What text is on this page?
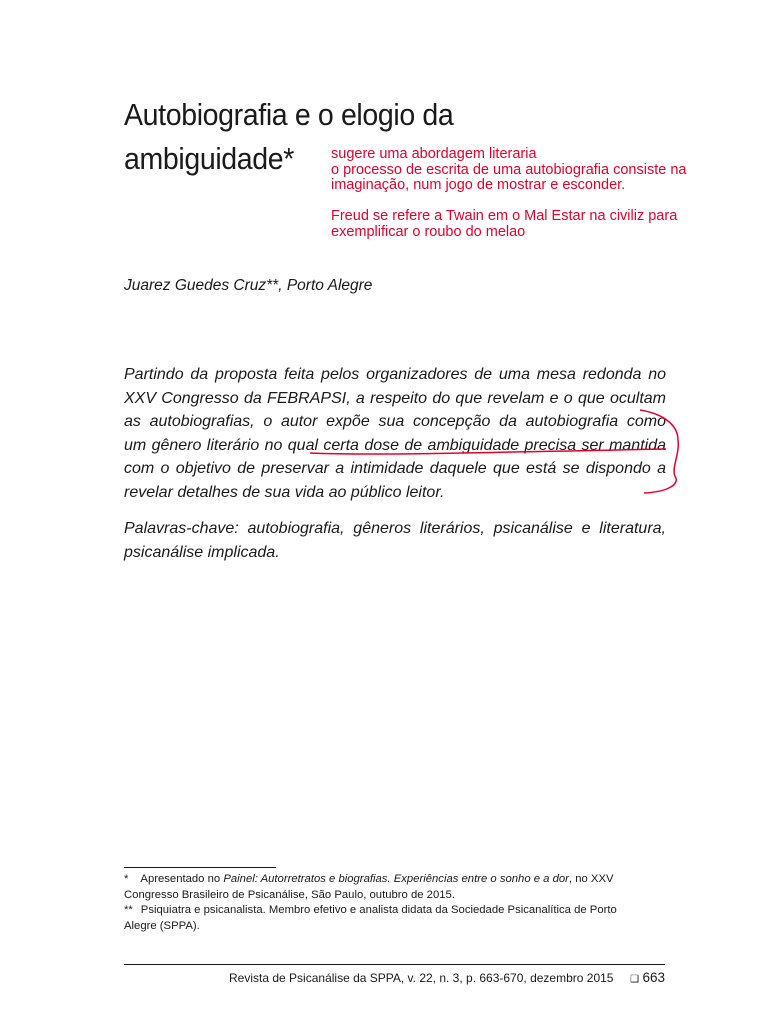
Autobiografia e o elogio da
ambiguidade*	sugere uma abordagem literaria
o processo de escrita de uma autobiografia consiste na
imaginação, num jogo de mostrar e esconder.
Freud se refere a Twain em o Mal Estar na civiliz para
exemplificar o roubo do melao
Juarez Guedes Cruz**, Porto Alegre
Partindo da proposta feita pelos organizadores de uma mesa redonda no
XXV Congresso da FEBRAPSI, a respeito do que revelam e o que ocultam
as autobiografias, o autor expõe sua concepção da autobiografia como
um gênero literário no qual certa dose de ambiguidade precisa ser mantida
com o objetivo de preservar a intimidade daquele que está se dispondo a
revelar detalhes de sua vida ao público leitor.
Palavras-chave: autobiografia, gêneros literários, psicanálise e literatura,
psicanálise implicada.
* Apresentado no Painel: Autorretratos e biografias. Experiências entre o sonho e a dor, no XXV
Congresso Brasileiro de Psicanálise, São Paulo, outubro de 2015.
** Psiquiatra e psicanalista. Membro efetivo e analista didata da Sociedade Psicanalítica de Porto
Alegre (SPPA).
Revista de Psicanálise da SPPA, v. 22, n. 3, p. 663-670, dezembro 2015 ❑ 663
